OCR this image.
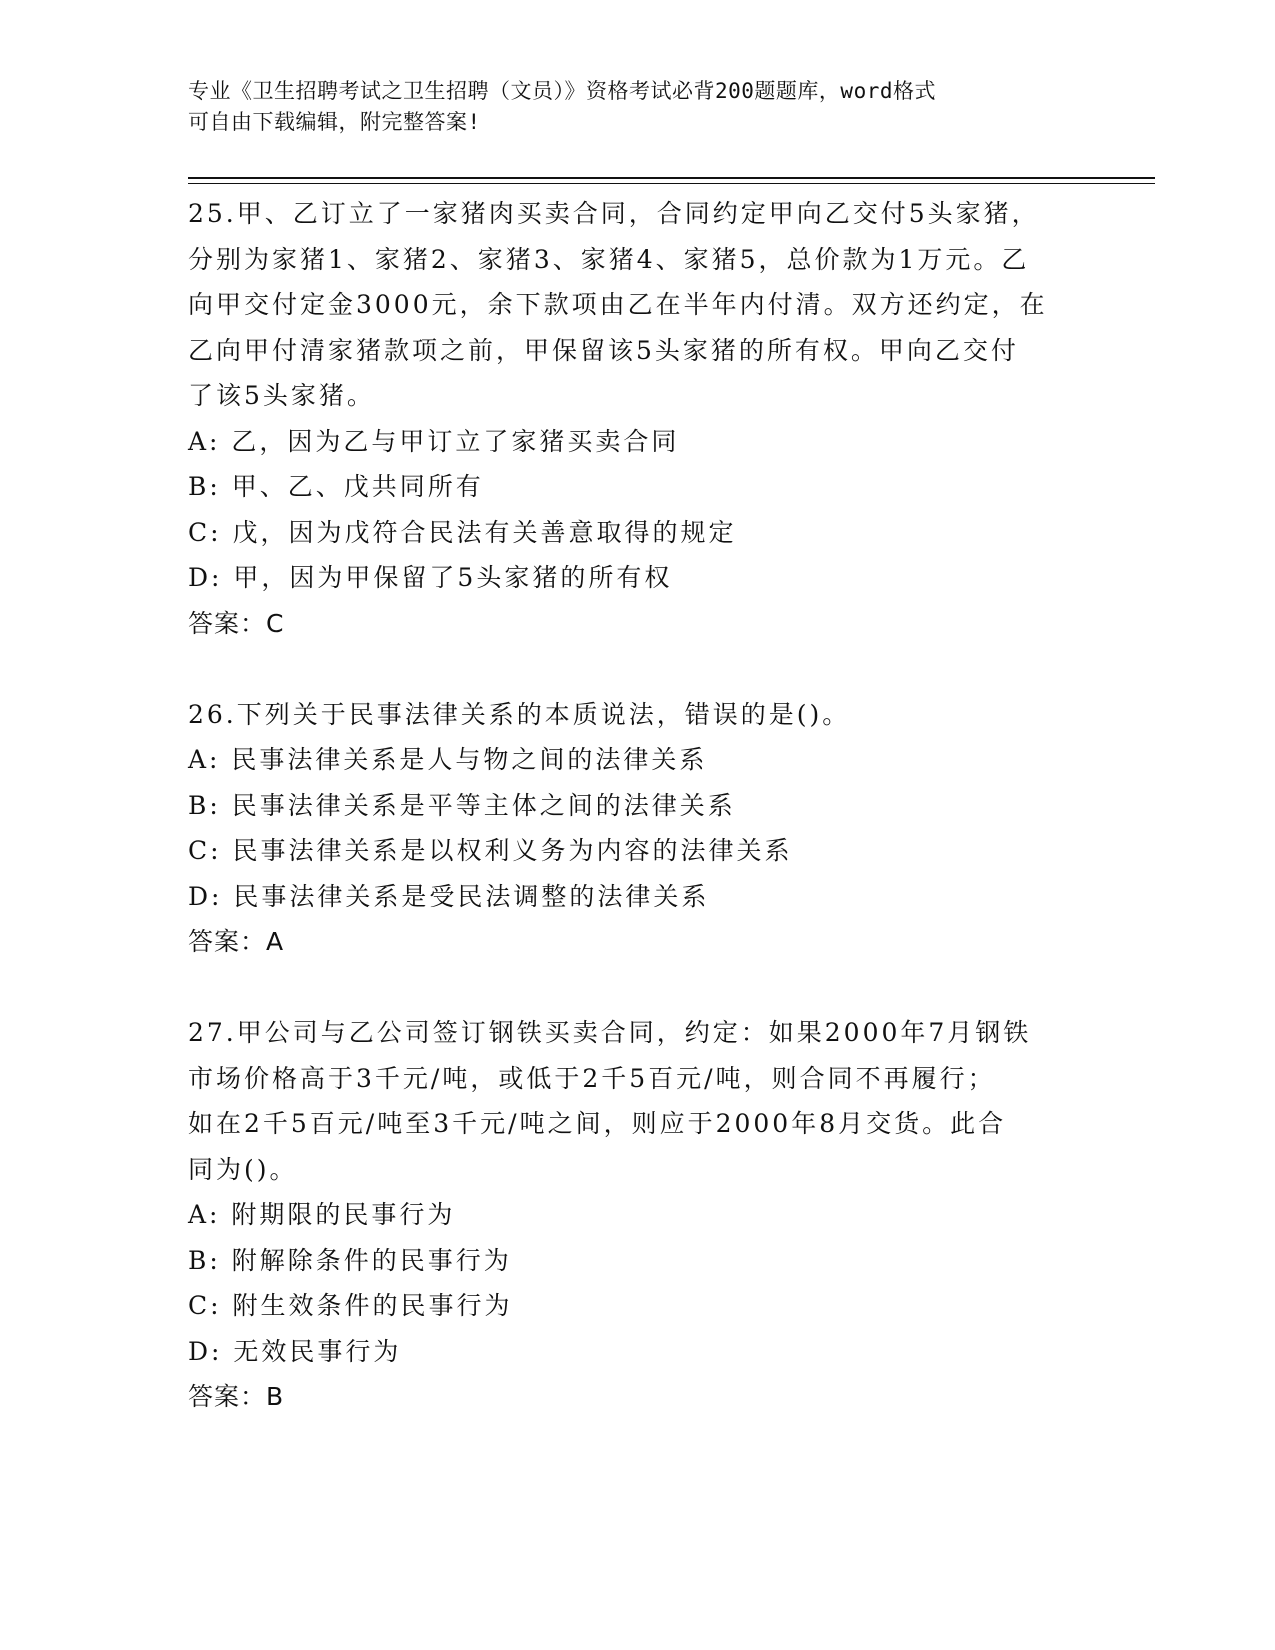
专业《卫生招聘考试之卫生招聘（文员）》资格考试必背200题题库，word格式
可自由下载编辑，附完整答案!
25.甲、乙订立了一家猪肉买卖合同，合同约定甲向乙交付5头家猪，
分别为家猪1、家猪2、家猪3、家猪4、家猪5，总价款为1万元。乙
向甲交付定金3000元，余下款项由乙在半年内付清。双方还约定，在
乙向甲付清家猪款项之前，甲保留该5头家猪的所有权。甲向乙交付
了该5头家猪。
A: 乙，因为乙与甲订立了家猪买卖合同
B: 甲、乙、戊共同所有
C: 戊，因为戊符合民法有关善意取得的规定
D: 甲，因为甲保留了5头家猪的所有权
答案：C
26.下列关于民事法律关系的本质说法，错误的是()。
A: 民事法律关系是人与物之间的法律关系
B: 民事法律关系是平等主体之间的法律关系
C: 民事法律关系是以权利义务为内容的法律关系
D: 民事法律关系是受民法调整的法律关系
答案：A
27.甲公司与乙公司签订钢铁买卖合同，约定：如果2000年7月钢铁
市场价格高于3千元/吨，或低于2千5百元/吨，则合同不再履行；
如在2千5百元/吨至3千元/吨之间，则应于2000年8月交货。此合
同为()。
A: 附期限的民事行为
B: 附解除条件的民事行为
C: 附生效条件的民事行为
D: 无效民事行为
答案：B
